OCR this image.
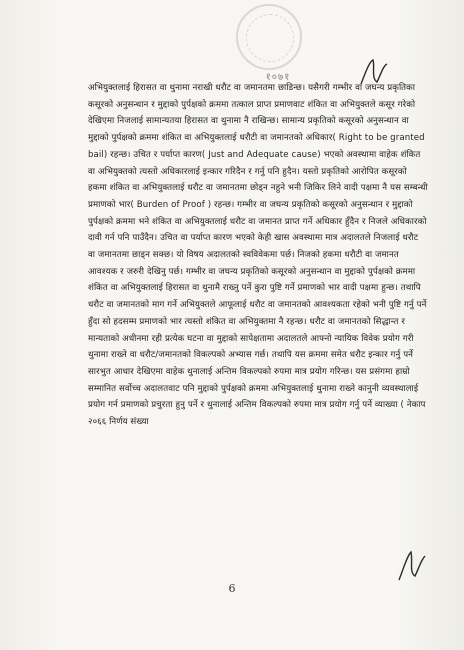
१०७१

अभियुक्तलाई हिरासत वा थुनामा नराखी धरौट वा जमानतमा छाडिन्छ। यसैगरी गम्भीर वा जघन्य प्रकृतिका कसूरको अनुसन्धान र मुद्दाको पुर्पक्षको क्रममा तत्काल प्राप्त प्रमाणवाट शंकित वा अभियुक्तले कसूर गरेको देखिएमा निजलाई सामान्यतया हिरासत वा थुनामा नै राखिन्छ। सामान्य प्रकृतिको कसूरको अनुसन्धान वा मुद्दाको पुर्पक्षको क्रममा शंकित वा अभियुक्तलाई धरौटी वा जमानतको अधिकार( Right to be granted bail) रहन्छ। उचित र पर्याप्त कारण( Just and Adequate cause) भएको अवस्थामा वाहेक शंकित वा अभियुक्तको त्यस्तो अधिकारलाई इन्कार गरिदैन र गर्नु पनि हुदैन। यस्तो प्रकृतिको आरोपित कसूरको हकमा शंकित वा अभियुक्तलाई धरौट वा जमानतमा छोड्न नहुने भनी जिकिर लिने वादी पक्षमा नै यस सम्बन्धी प्रमाणको भार( Burden of Proof ) रहन्छ। गम्भीर वा जघन्य प्रकृतिको कसूरको अनुसन्धान र मुद्दाको पुर्पक्षको क्रममा भने शंकित वा अभियुक्तलाई धरौट वा जमानत प्राप्त गर्ने अधिकार हुँदैन र निजले अधिकारको दावी गर्न पनि पाउँदैन। उचित वा पर्याप्त कारण भएको केही खास अवस्थामा मात्र अदालतले निजलाई धरौट वा जमानतमा छाड्न सक्छ। यो विषय अदालतको स्वविवेकमा पर्छ। निजको हकमा धरौटी वा जमानत आवश्यक र जरुरी देखिनु पर्छ। गम्भीर वा जघन्य प्रकृतिको कसूरको अनुसन्धान वा मुद्दाको पुर्पक्षको क्रममा शंकित वा अभियुक्तलाई हिरासत वा थुनामै राख्नु पर्ने कुरा पुष्टि गर्ने प्रमाणको भार वादी पक्षमा हुन्छ। तथापि धरौट वा जमानतको माग गर्ने अभियुक्तले आफूलाई धरौट वा जमानतको आवश्यकता रहेको भनी पुष्टि गर्नु पर्ने हुँदा सो हदसम्म प्रमाणको भार त्यस्तो शंकित वा अभियुक्तमा नै रहन्छ। धरौट वा जमानतको सिद्धान्त र मान्यताको अधीनमा रही प्रत्येक घटना वा मुद्दाको सापेक्षतामा अदालतले आफ्नो न्यायिक विवेक प्रयोग गरी थुनामा राख्ने वा धरौट/जमानतको विकल्पको अभ्यास गर्छ। तथापि यस क्रममा समेत धरौट इन्कार गर्नु पर्ने सारभुत आधार देखिएमा वाहेक थुनालाई अन्तिम विकल्पको रुपमा मात्र प्रयोग गरिन्छ। यस प्रसंगमा हाम्रो सम्मानित सर्वोच्च अदालतवाट पनि मुद्दाको पुर्पक्षको क्रममा अभियुक्तलाई थुनामा राख्ने कानुनी व्यवस्थालाई प्रयोग गर्न प्रमाणको प्रचुरता हुनु पर्ने र थुनालाई अन्तिम विकल्पको रुपमा मात्र प्रयोग गर्नु पर्ने व्याख्या ( नेकाप २०६६ निर्णय संख्या

6
